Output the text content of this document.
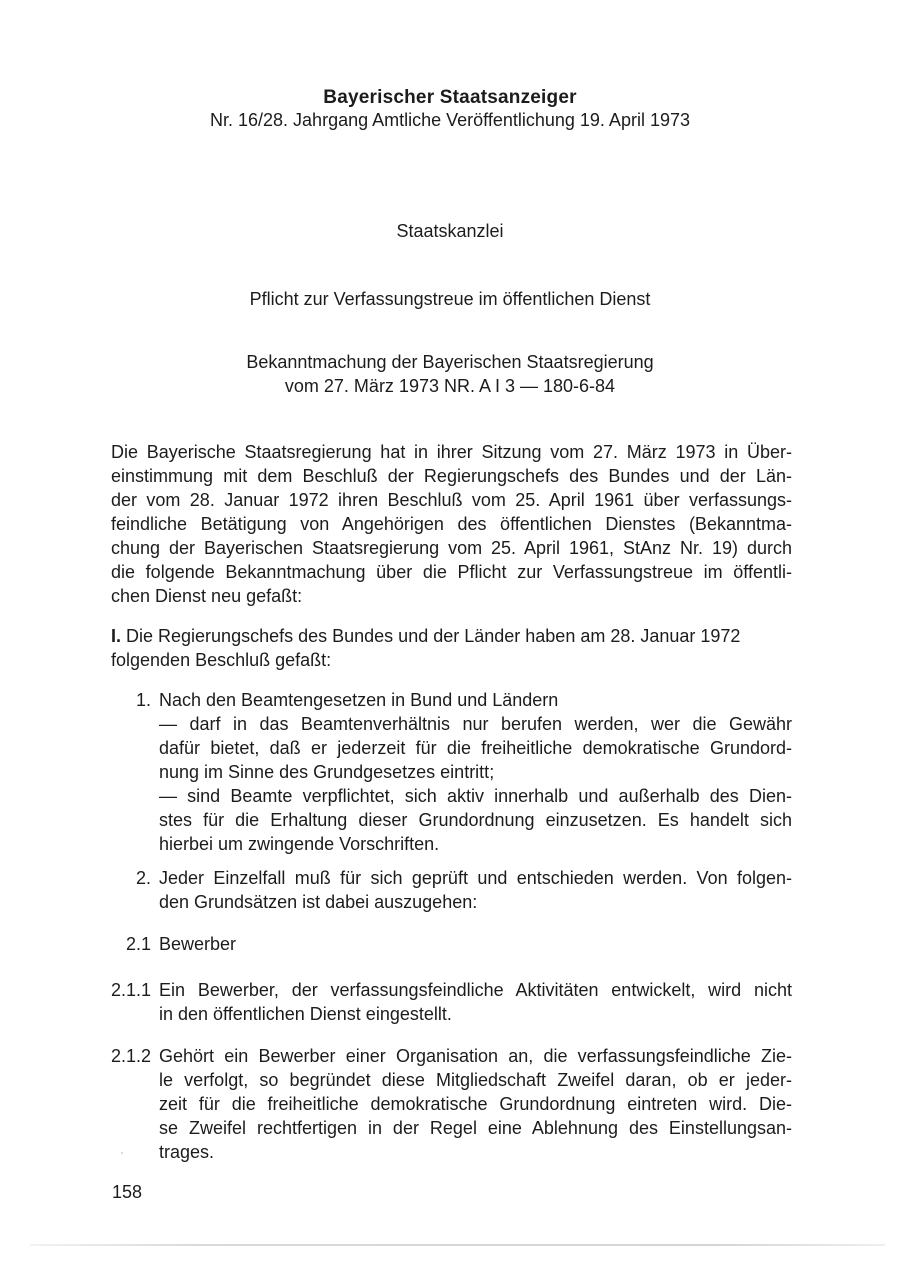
Bayerischer Staatsanzeiger
Nr. 16/28. Jahrgang Amtliche Veröffentlichung 19. April 1973
Staatskanzlei
Pflicht zur Verfassungstreue im öffentlichen Dienst
Bekanntmachung der Bayerischen Staatsregierung
vom 27. März 1973 NR. A I 3 — 180-6-84
Die Bayerische Staatsregierung hat in ihrer Sitzung vom 27. März 1973 in Über-
einstimmung mit dem Beschluß der Regierungschefs des Bundes und der Län-
der vom 28. Januar 1972 ihren Beschluß vom 25. April 1961 über verfassungs-
feindliche Betätigung von Angehörigen des öffentlichen Dienstes (Bekanntma-
chung der Bayerischen Staatsregierung vom 25. April 1961, StAnz Nr. 19) durch
die folgende Bekanntmachung über die Pflicht zur Verfassungstreue im öffentli-
chen Dienst neu gefaßt:
I. Die Regierungschefs des Bundes und der Länder haben am 28. Januar 1972
folgenden Beschluß gefaßt:
1. Nach den Beamtengesetzen in Bund und Ländern
— darf in das Beamtenverhältnis nur berufen werden, wer die Gewähr
dafür bietet, daß er jederzeit für die freiheitliche demokratische Grundord-
nung im Sinne des Grundgesetzes eintritt;
— sind Beamte verpflichtet, sich aktiv innerhalb und außerhalb des Dien-
stes für die Erhaltung dieser Grundordnung einzusetzen. Es handelt sich
hierbei um zwingende Vorschriften.
2. Jeder Einzelfall muß für sich geprüft und entschieden werden. Von folgen-
den Grundsätzen ist dabei auszugehen:
2.1 Bewerber
2.1.1 Ein Bewerber, der verfassungsfeindliche Aktivitäten entwickelt, wird nicht
in den öffentlichen Dienst eingestellt.
2.1.2 Gehört ein Bewerber einer Organisation an, die verfassungsfeindliche Zie-
le verfolgt, so begründet diese Mitgliedschaft Zweifel daran, ob er jeder-
zeit für die freiheitliche demokratische Grundordnung eintreten wird. Die-
se Zweifel rechtfertigen in der Regel eine Ablehnung des Einstellungsan-
trages.
158
